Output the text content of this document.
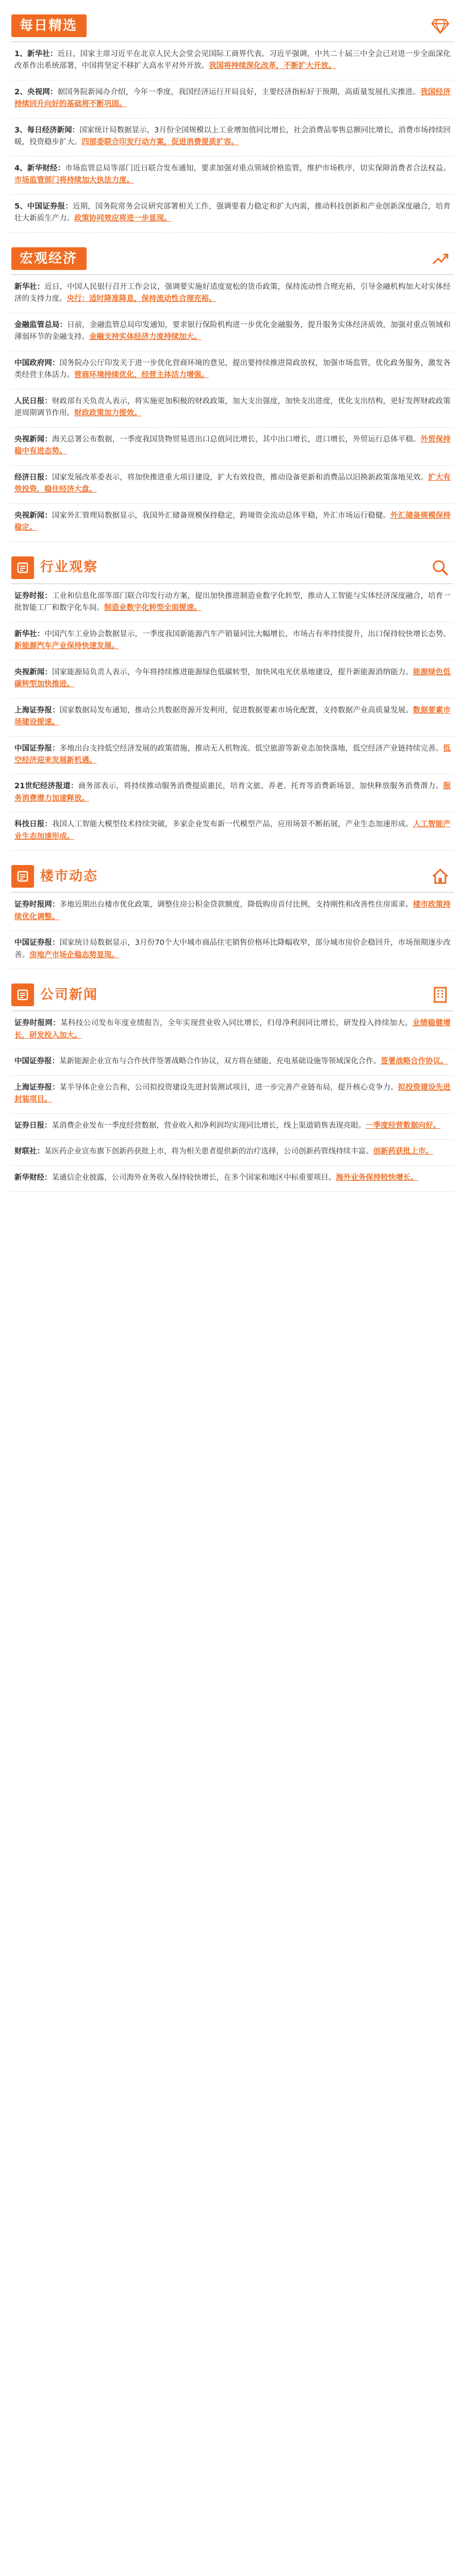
每日精选
1、新华社：近日，国家主席习近平在北京人民大会堂会见国际工商界代表。习近平强调，中共二十届三中全会已对进一步全面深化改革作出系统部署，中国将坚定不移扩大高水平对外开放。我国将持续深化改革，不断扩大开放。
2、央视网：据国务院新闻办介绍，今年一季度，我国经济运行开局良好，主要经济指标好于预期，高质量发展扎实推进。我国经济持续回升向好的基础将不断巩固。
3、每日经济新闻：国家统计局数据显示，3月份全国规模以上工业增加值同比增长，社会消费品零售总额同比增长，消费市场持续回暖，投资稳步扩大。四部委联合印发行动方案，促进消费提质扩容。
4、新华财经：市场监管总局等部门近日联合发布通知，要求加强对重点领域价格监管，维护市场秩序，切实保障消费者合法权益。市场监管部门将持续加大执法力度。
5、中国证券报：近期，国务院常务会议研究部署相关工作，强调要着力稳定和扩大内需，推动科技创新和产业创新深度融合，培育壮大新质生产力。政策协同效应将进一步显现。
宏观经济
新华社：近日，中国人民银行召开工作会议，强调要实施好适度宽松的货币政策，保持流动性合理充裕，引导金融机构加大对实体经济的支持力度。央行：适时降准降息，保持流动性合理充裕。
金融监管总局：日前，金融监管总局印发通知，要求银行保险机构进一步优化金融服务，提升服务实体经济质效，加强对重点领域和薄弱环节的金融支持。金融支持实体经济力度持续加大。
中国政府网：国务院办公厅印发关于进一步优化营商环境的意见，提出要持续推进简政放权，加强市场监管，优化政务服务，激发各类经营主体活力。营商环境持续优化，经营主体活力增强。
人民日报：财政部有关负责人表示，将实施更加积极的财政政策，加大支出强度，加快支出进度，优化支出结构，更好发挥财政政策逆周期调节作用。财政政策加力提效。
央视新闻：海关总署公布数据，一季度我国货物贸易进出口总值同比增长，其中出口增长，进口增长，外贸运行总体平稳。外贸保持稳中有进态势。
经济日报：国家发展改革委表示，将加快推进重大项目建设，扩大有效投资，推动设备更新和消费品以旧换新政策落地见效。扩大有效投资，稳住经济大盘。
央视新闻：国家外汇管理局数据显示，我国外汇储备规模保持稳定，跨境资金流动总体平稳，外汇市场运行稳健。外汇储备规模保持稳定。
行业观察
证券时报：工业和信息化部等部门联合印发行动方案，提出加快推进制造业数字化转型，推动人工智能与实体经济深度融合，培育一批智能工厂和数字化车间。制造业数字化转型全面提速。
新华社：中国汽车工业协会数据显示，一季度我国新能源汽车产销量同比大幅增长，市场占有率持续提升，出口保持较快增长态势。新能源汽车产业保持快速发展。
央视新闻：国家能源局负责人表示，今年将持续推进能源绿色低碳转型，加快风电光伏基地建设，提升新能源消纳能力。能源绿色低碳转型加快推进。
上海证券报：国家数据局发布通知，推动公共数据资源开发利用，促进数据要素市场化配置，支持数据产业高质量发展。数据要素市场建设提速。
中国证券报：多地出台支持低空经济发展的政策措施，推动无人机物流、低空旅游等新业态加快落地，低空经济产业链持续完善。低空经济迎来发展新机遇。
21世纪经济报道：商务部表示，将持续推动服务消费提质惠民，培育文旅、养老、托育等消费新场景，加快释放服务消费潜力。服务消费潜力加速释放。
科技日报：我国人工智能大模型技术持续突破，多家企业发布新一代模型产品，应用场景不断拓展，产业生态加速形成。人工智能产业生态加速形成。
楼市动态
证券时报网：多地近期出台楼市优化政策，调整住房公积金贷款额度，降低购房首付比例，支持刚性和改善性住房需求。楼市政策持续优化调整。
中国证券报：国家统计局数据显示，3月份70个大中城市商品住宅销售价格环比降幅收窄，部分城市房价企稳回升，市场预期逐步改善。房地产市场企稳态势显现。
公司新闻
证券时报网：某科技公司发布年度业绩报告，全年实现营业收入同比增长，归母净利润同比增长，研发投入持续加大。业绩稳健增长，研发投入加大。
中国证券报：某新能源企业宣布与合作伙伴签署战略合作协议，双方将在储能、充电基础设施等领域深化合作。签署战略合作协议。
上海证券报：某半导体企业公告称，公司拟投资建设先进封装测试项目，进一步完善产业链布局，提升核心竞争力。拟投资建设先进封装项目。
证券日报：某消费企业发布一季度经营数据，营业收入和净利润均实现同比增长，线上渠道销售表现亮眼。一季度经营数据向好。
财联社：某医药企业宣布旗下创新药获批上市，将为相关患者提供新的治疗选择，公司创新药管线持续丰富。创新药获批上市。
新华财经：某通信企业披露，公司海外业务收入保持较快增长，在多个国家和地区中标重要项目。海外业务保持较快增长。
